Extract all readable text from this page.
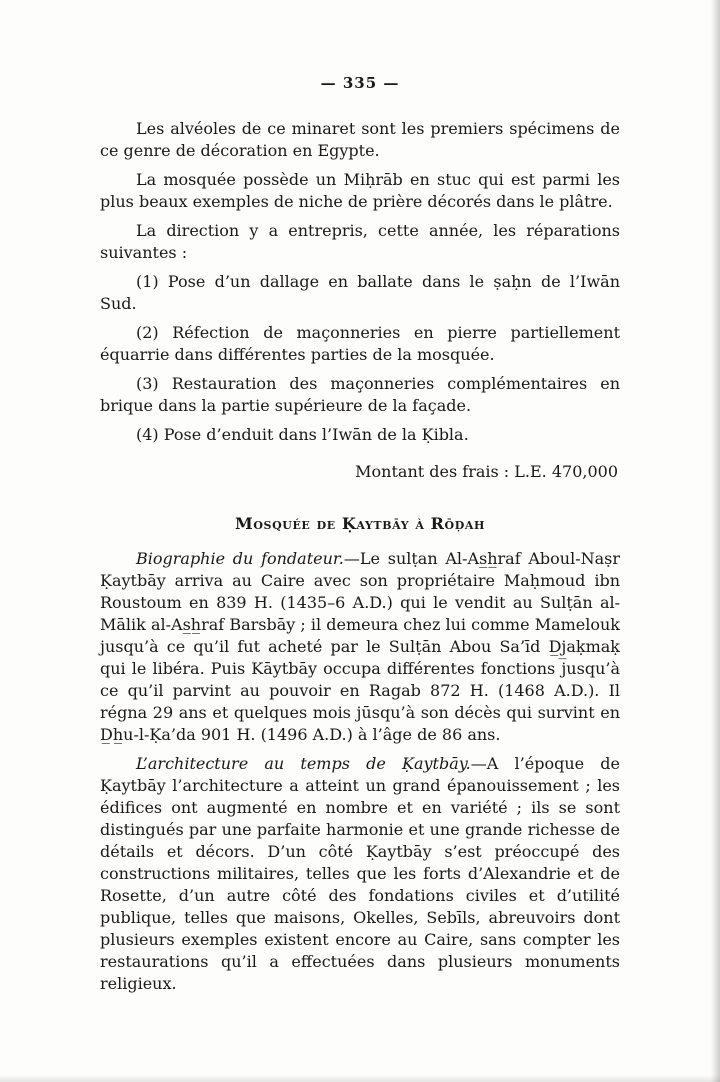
— 335 —

Les alvéoles de ce minaret sont les premiers spécimens de ce genre de décoration en Egypte.

La mosquée possède un Miḥrāb en stuc qui est parmi les plus beaux exemples de niche de prière décorés dans le plâtre.

La direction y a entrepris, cette année, les réparations suivantes :

(1) Pose d’un dallage en ballate dans le ṣaḥn de l’Iwān Sud.

(2) Réfection de maçonneries en pierre partiellement équarrie dans différentes parties de la mosquée.

(3) Restauration des maçonneries complémentaires en brique dans la partie supérieure de la façade.

(4) Pose d’enduit dans l’Iwān de la Ḳibla.

Montant des frais : L.E. 470,000

Mosquée de Ḳaytbāy à Rōḍah

Biographie du fondateur.—Le sulṭan Al-As̲h̲raf Aboul-Naṣr Ḳaytbāy arriva au Caire avec son propriétaire Maḥmoud ibn Roustoum en 839 H. (1435–6 A.D.) qui le vendit au Sulṭān al-Mālik al-As̲h̲raf Barsbāy ; il demeura chez lui comme Mamelouk jusqu’à ce qu’il fut acheté par le Sulṭān Abou Sa’īd D̲j̲aḳmaḳ qui le libéra. Puis Kāytbāy occupa différentes fonctions jusqu’à ce qu’il parvint au pouvoir en Ragab 872 H. (1468 A.D.). Il régna 29 ans et quelques mois jūsqu’à son décès qui survint en D̲h̲u-l-Ḳa’da 901 H. (1496 A.D.) à l’âge de 86 ans.

L’architecture au temps de Ḳaytbāy.—A l’époque de Ḳaytbāy l’architecture a atteint un grand épanouissement ; les édifices ont augmenté en nombre et en variété ; ils se sont distingués par une parfaite harmonie et une grande richesse de détails et décors. D’un côté Ḳaytbāy s’est préoccupé des constructions militaires, telles que les forts d’Alexandrie et de Rosette, d’un autre côté des fondations civiles et d’utilité publique, telles que maisons, Okelles, Sebīls, abreuvoirs dont plusieurs exemples existent encore au Caire, sans compter les restaurations qu’il a effectuées dans plusieurs monuments religieux.
